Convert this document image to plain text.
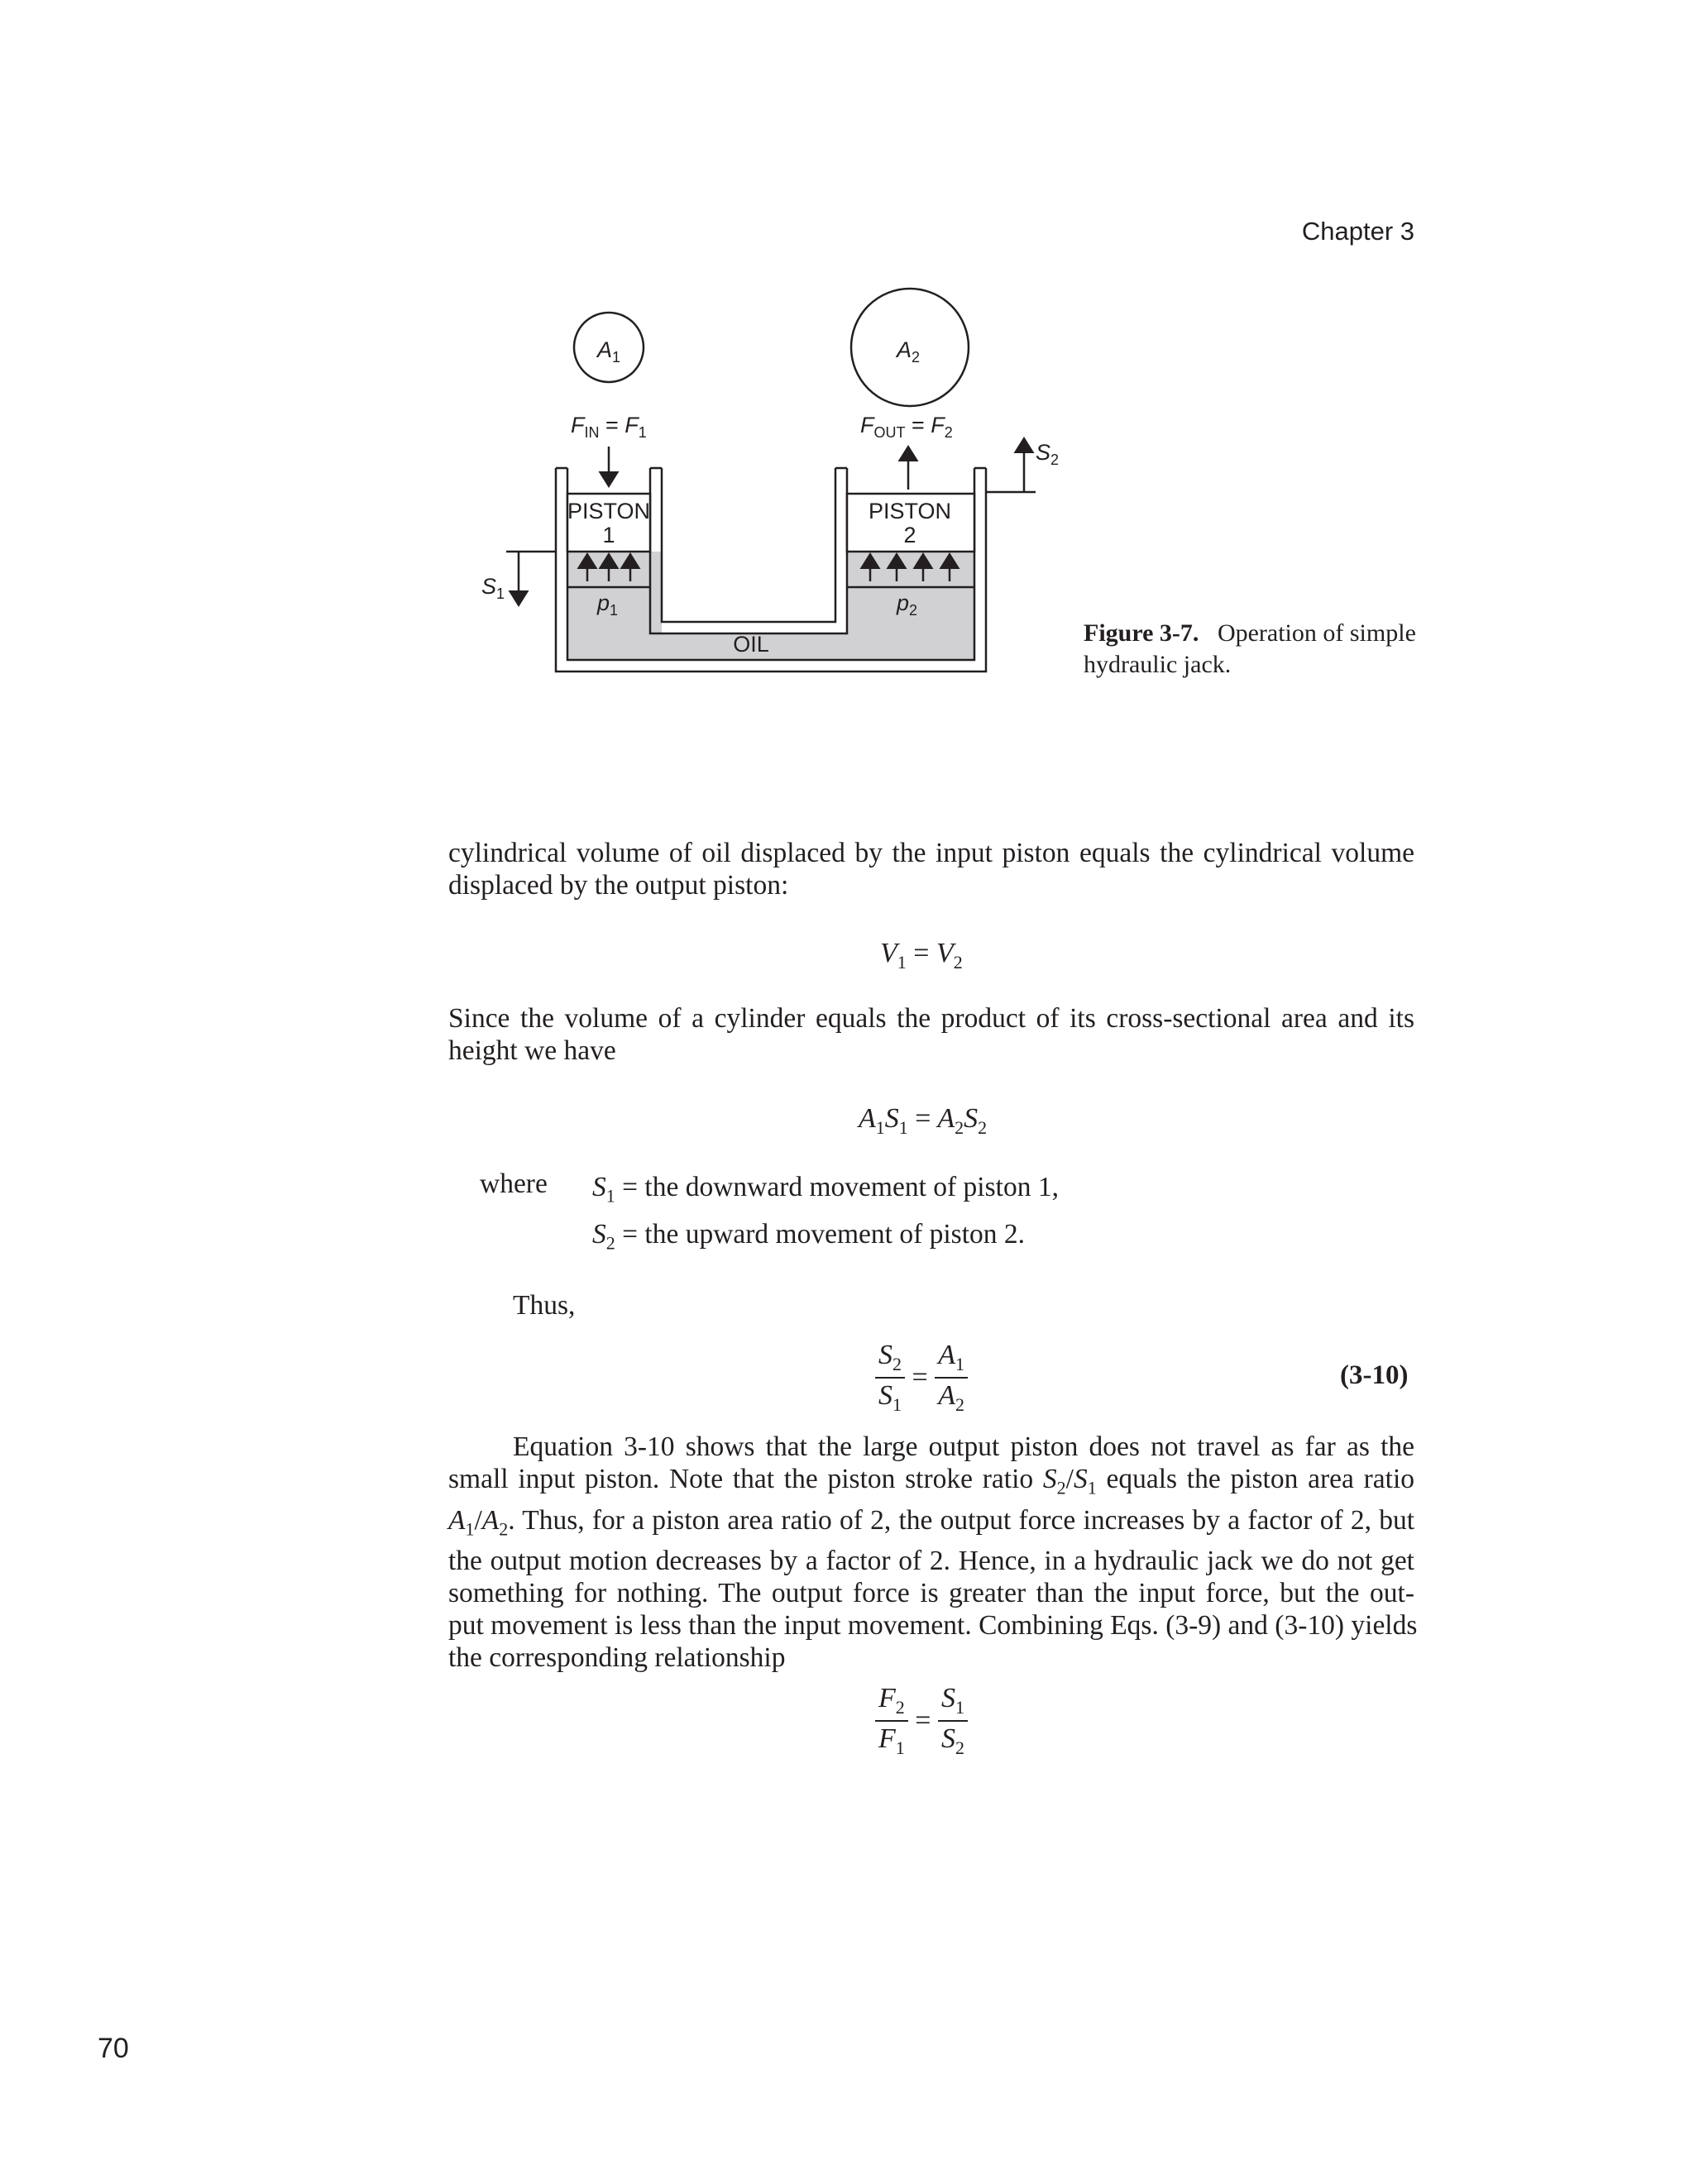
Chapter 3
$A_1$	$A_2$
$F_{IN} = F_1$	$F_{OUT} = F_2$
PISTON
1
PISTON
2
$p_1$	$p_2$
OIL
$S_1$
$S_2$
Figure 3-7. Operation of simple hydraulic jack.
cylindrical volume of oil displaced by the input piston equals the cylindrical volume
displaced by the output piston:
$V_1 = V_2$
Since the volume of a cylinder equals the product of its cross-sectional area and its
height we have
$A_1S_1 = A_2S_2$
where $S_1$ = the downward movement of piston 1,
$S_2$ = the upward movement of piston 2.
Thus,
$\frac{S_2}{S_1} = \frac{A_1}{A_2}$	(3-10)
Equation 3-10 shows that the large output piston does not travel as far as the
small input piston. Note that the piston stroke ratio $S_2/S_1$ equals the piston area ratio
$A_1/A_2$. Thus, for a piston area ratio of 2, the output force increases by a factor of 2, but
the output motion decreases by a factor of 2. Hence, in a hydraulic jack we do not get
something for nothing. The output force is greater than the input force, but the out-
put movement is less than the input movement. Combining Eqs. (3-9) and (3-10) yields
the corresponding relationship
$\frac{F_2}{F_1} = \frac{S_1}{S_2}$
70
